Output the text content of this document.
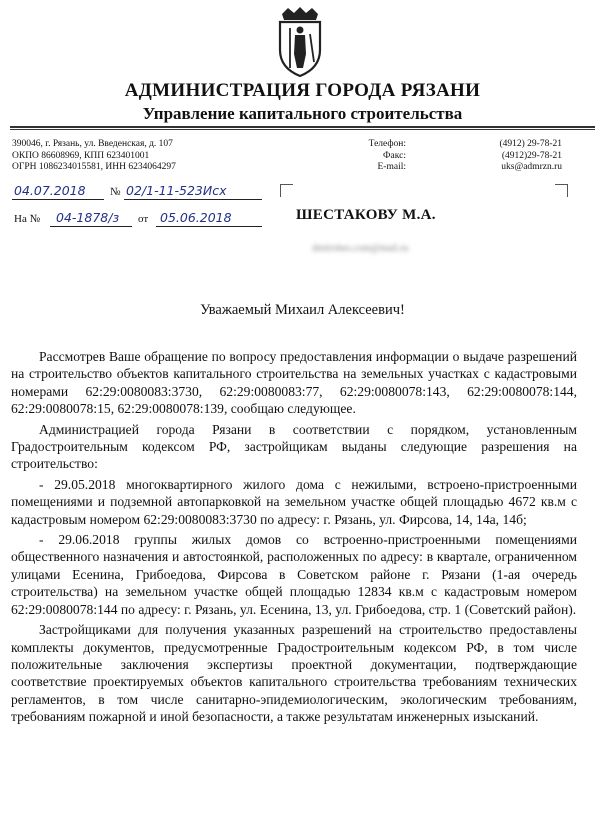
АДМИНИСТРАЦИЯ ГОРОДА РЯЗАНИ
Управление капитального строительства
390046, г. Рязань, ул. Введенская, д. 107
ОКПО 86608969, КПП 623401001
ОГРН 1086234015581, ИНН 6234064297
Телефон:
Факс:
E-mail:
(4912) 29-78-21
(4912)29-78-21
uks@admrzn.ru
04.07.2018 № 02/1-11-523Исх
На № 04-1878/з от 05.06.2018	ШЕСТАКОВУ М.А.
dmitrshes.com@mail.ru
Уважаемый Михаил Алексеевич!

Рассмотрев Ваше обращение по вопросу предоставления информации о выдаче разрешений на строительство объектов капитального строительства на земельных участках с кадастровыми номерами 62:29:0080083:3730, 62:29:0080083:77, 62:29:0080078:143, 62:29:0080078:144, 62:29:0080078:15, 62:29:0080078:139, сообщаю следующее.

Администрацией города Рязани в соответствии с порядком, установленным Градостроительным кодексом РФ, застройщикам выданы следующие разрешения на строительство:

- 29.05.2018 многоквартирного жилого дома с нежилыми, встроено-пристроенными помещениями и подземной автопарковкой на земельном участке общей площадью 4672 кв.м с кадастровым номером 62:29:0080083:3730 по адресу: г. Рязань, ул. Фирсова, 14, 14а, 14б;

- 29.06.2018 группы жилых домов со встроенно-пристроенными помещениями общественного назначения и автостоянкой, расположенных по адресу: в квартале, ограниченном улицами Есенина, Грибоедова, Фирсова в Советском районе г. Рязани (1-ая очередь строительства) на земельном участке общей площадью 12834 кв.м с кадастровым номером 62:29:0080078:144 по адресу: г. Рязань, ул. Есенина, 13, ул. Грибоедова, стр. 1 (Советский район).

Застройщиками для получения указанных разрешений на строительство предоставлены комплекты документов, предусмотренные Градостроительным кодексом РФ, в том числе положительные заключения экспертизы проектной документации, подтверждающие соответствие проектируемых объектов капитального строительства требованиям технических регламентов, в том числе санитарно-эпидемиологическим, экологическим требованиям, требованиям пожарной и иной безопасности, а также результатам инженерных изысканий.
